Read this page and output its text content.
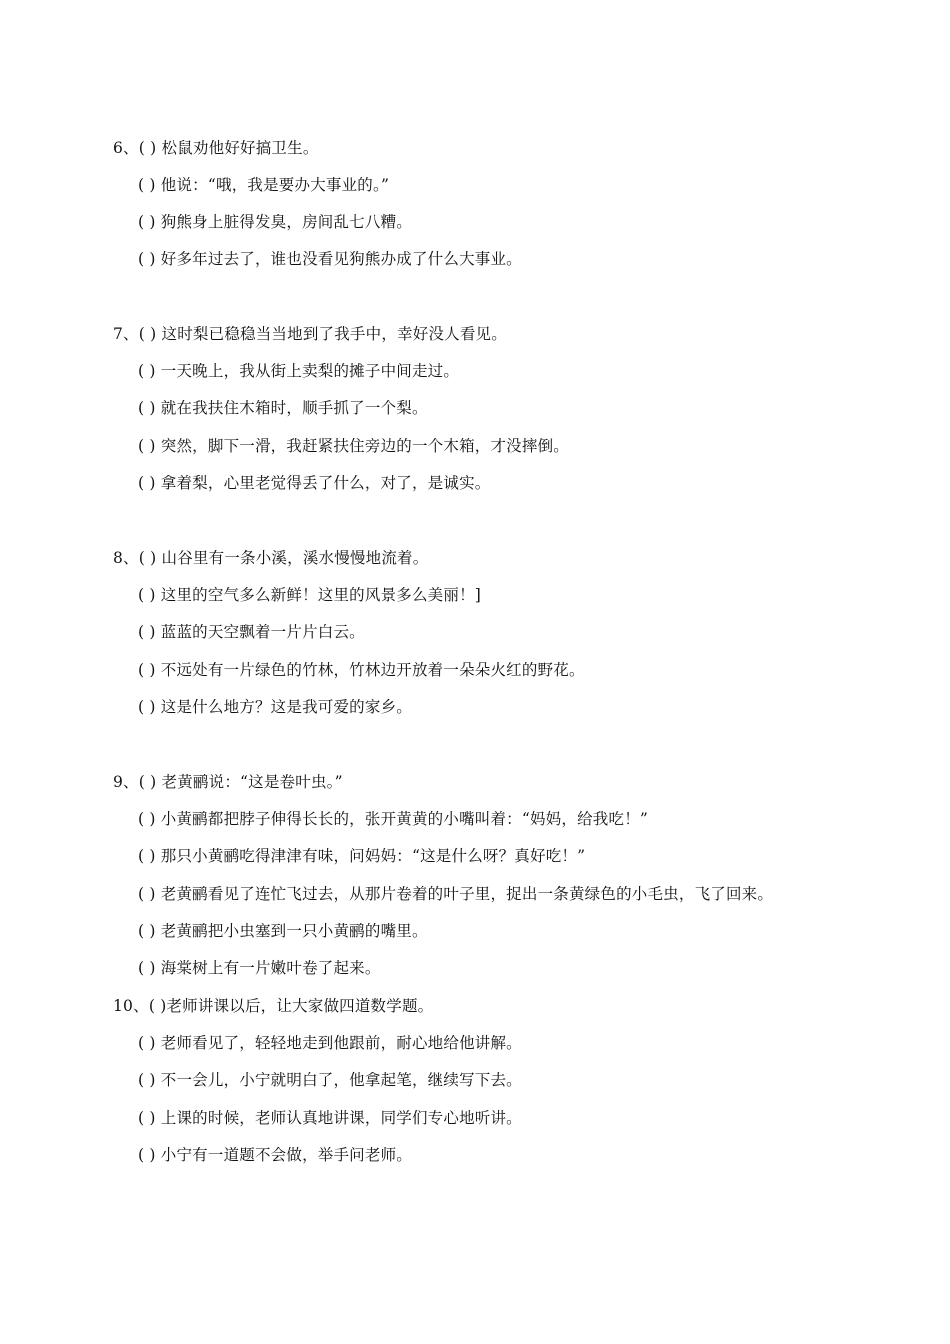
6、( ) 松鼠劝他好好搞卫生。
( ) 他说：“哦，我是要办大事业的。”
( ) 狗熊身上脏得发臭，房间乱七八糟。
( ) 好多年过去了，谁也没看见狗熊办成了什么大事业。
7、( ) 这时梨已稳稳当当地到了我手中，幸好没人看见。
( ) 一天晚上，我从街上卖梨的摊子中间走过。
( ) 就在我扶住木箱时，顺手抓了一个梨。
( ) 突然，脚下一滑，我赶紧扶住旁边的一个木箱，才没摔倒。
( ) 拿着梨，心里老觉得丢了什么，对了，是诚实。
8、( ) 山谷里有一条小溪，溪水慢慢地流着。
( ) 这里的空气多么新鲜！这里的风景多么美丽！]
( ) 蓝蓝的天空飘着一片片白云。
( ) 不远处有一片绿色的竹林，竹林边开放着一朵朵火红的野花。
( ) 这是什么地方？这是我可爱的家乡。
9、( ) 老黄鹂说：“这是卷叶虫。”
( ) 小黄鹂都把脖子伸得长长的，张开黄黄的小嘴叫着：“妈妈，给我吃！”
( ) 那只小黄鹂吃得津津有味，问妈妈：“这是什么呀？真好吃！”
( ) 老黄鹂看见了连忙飞过去，从那片卷着的叶子里，捉出一条黄绿色的小毛虫，飞了回来。
( ) 老黄鹂把小虫塞到一只小黄鹂的嘴里。
( ) 海棠树上有一片嫩叶卷了起来。
10、( )老师讲课以后，让大家做四道数学题。
( ) 老师看见了，轻轻地走到他跟前，耐心地给他讲解。
( ) 不一会儿，小宁就明白了，他拿起笔，继续写下去。
( ) 上课的时候，老师认真地讲课，同学们专心地听讲。
( ) 小宁有一道题不会做，举手问老师。
